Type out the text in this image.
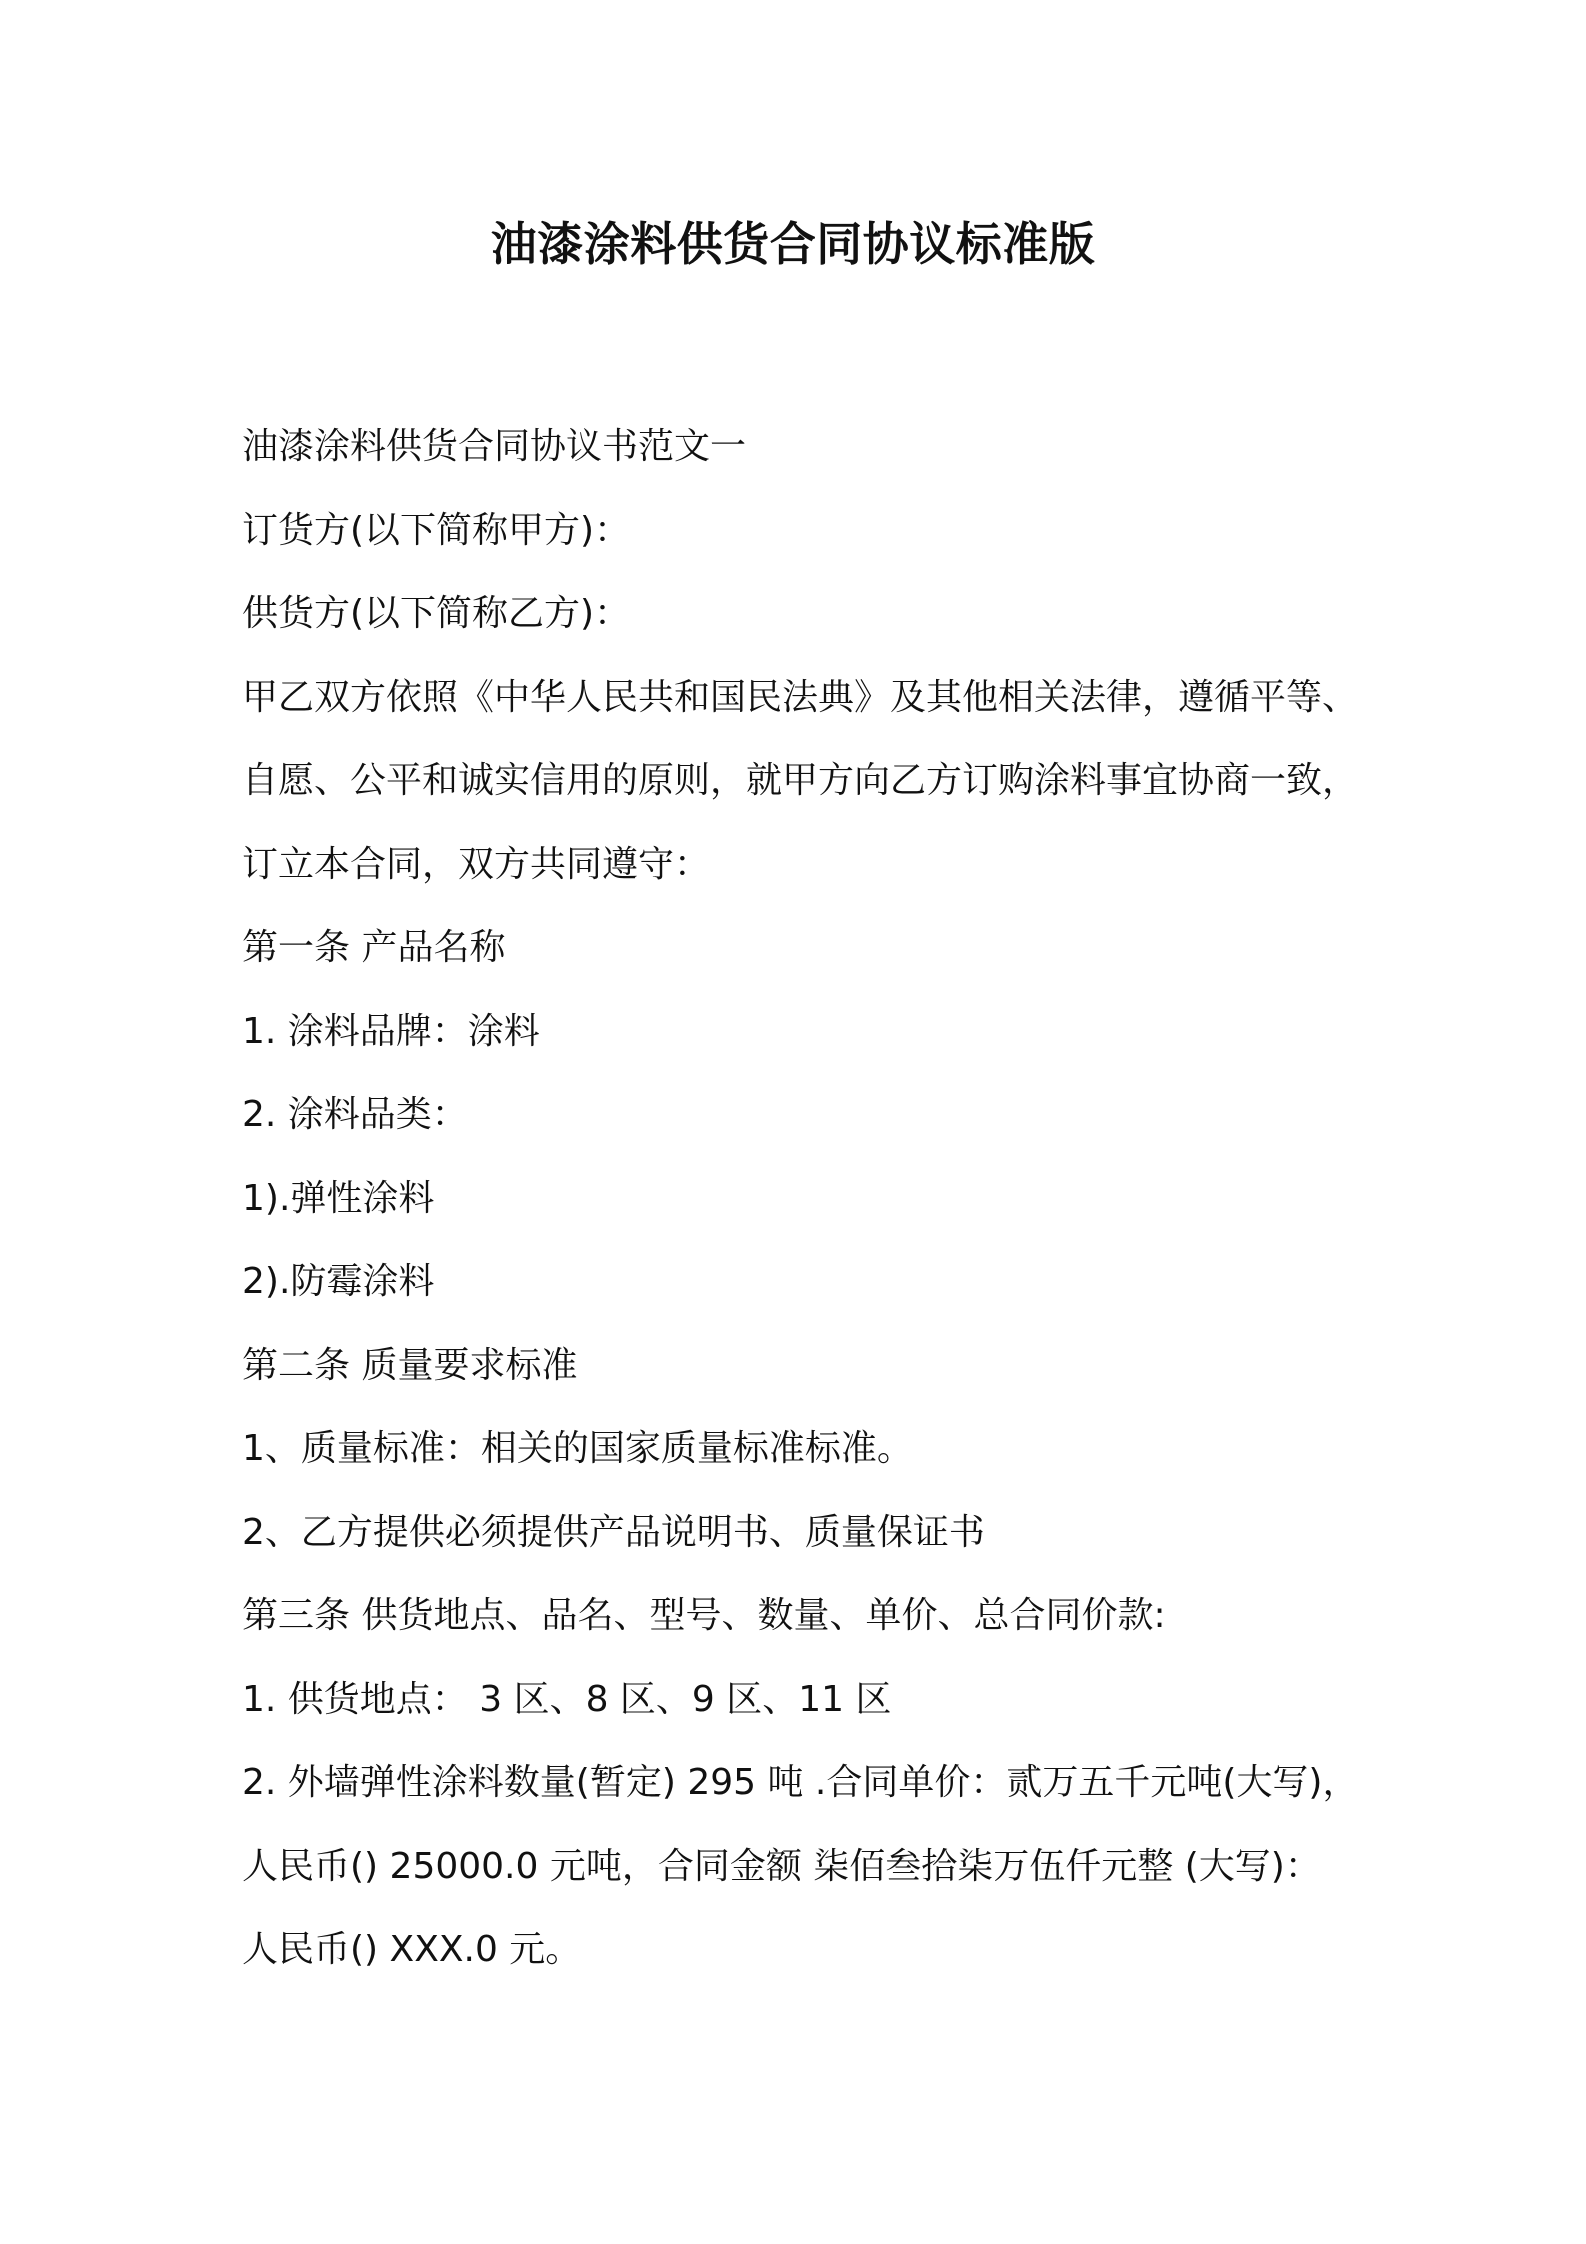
油漆涂料供货合同协议标准版
油漆涂料供货合同协议书范文一
订货方(以下简称甲方)：
供货方(以下简称乙方)：
甲乙双方依照《中华人民共和国民法典》及其他相关法律，遵循平等、
自愿、公平和诚实信用的原则，就甲方向乙方订购涂料事宜协商一致，
订立本合同，双方共同遵守：
第一条 产品名称
1. 涂料品牌：涂料
2. 涂料品类：
1).弹性涂料
2).防霉涂料
第二条 质量要求标准
1、质量标准：相关的国家质量标准标准。
2、乙方提供必须提供产品说明书、质量保证书
第三条 供货地点、品名、型号、数量、单价、总合同价款:
1. 供货地点： 3 区、8 区、9 区、11 区
2. 外墙弹性涂料数量(暂定) 295 吨 .合同单价：贰万五千元吨(大写)，
人民币() 25000.0 元吨，合同金额 柒佰叁拾柒万伍仟元整 (大写)：
人民币() XXX.0 元。
